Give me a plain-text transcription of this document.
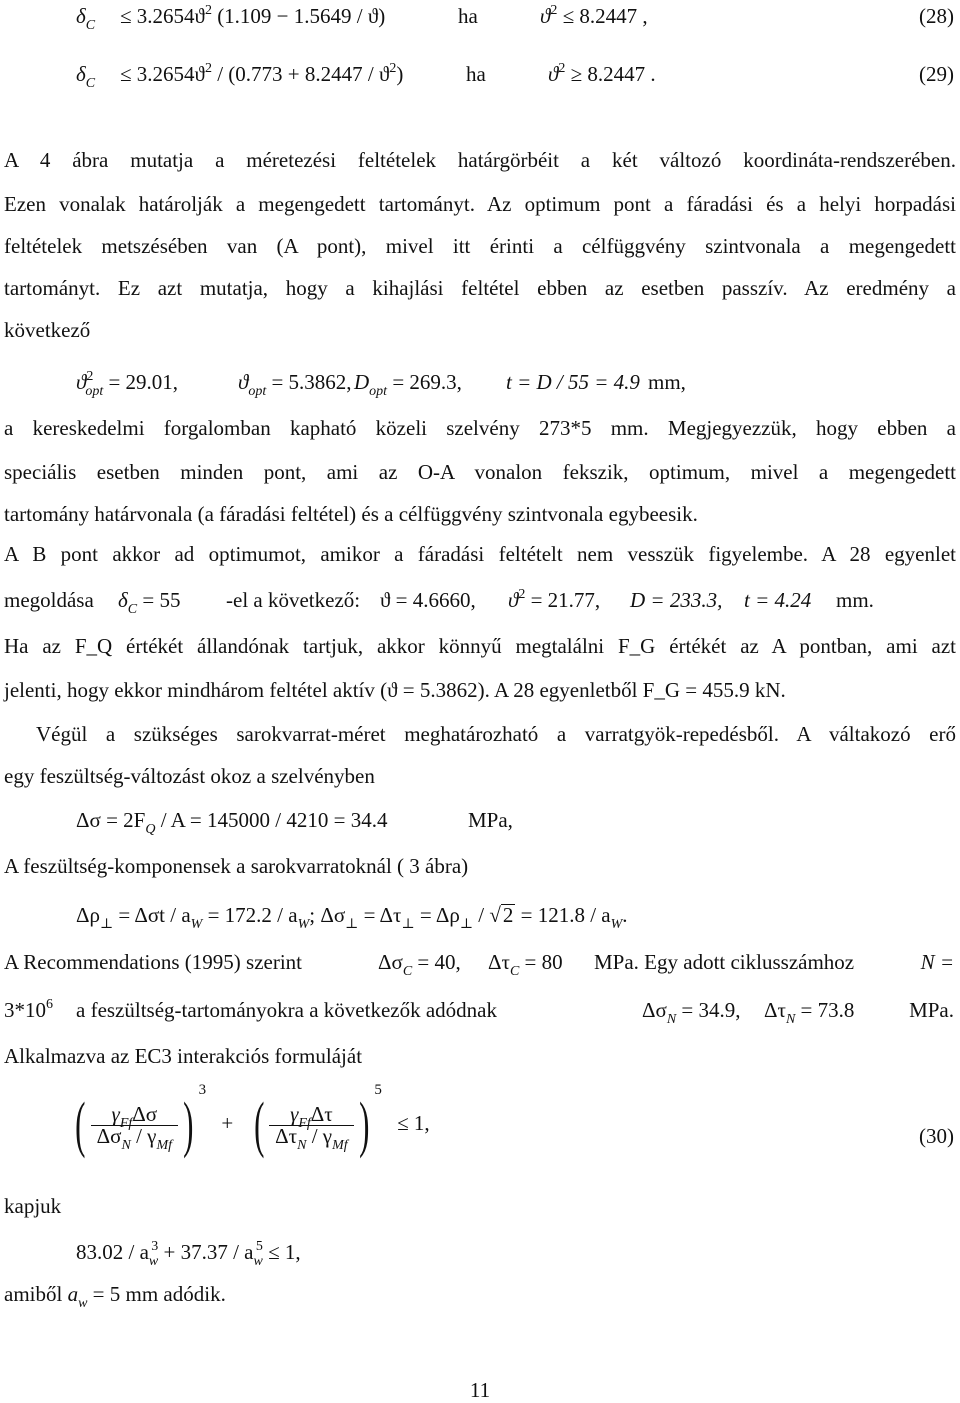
$\delta_C \le 3.2654ϑ^2$ (1.109 − 1.5649 / ϑ)	ha	$ϑ^2 \le 8.2447$ ,	(28)
$\delta_C \le 3.2654ϑ^2 / (0.773 + 8.2447 / ϑ^2)$	ha	$ϑ^2 \ge 8.2447$ .	(29)
A 4 ábra mutatja a méretezési feltételek határgörbéit a két változó koordináta-rendszerében.
Ezen vonalak határolják a megengedett tartományt. Az optimum pont a fáradási és a helyi horpadási
feltételek metszésében van (A pont), mivel itt érinti a célfüggvény szintvonala a megengedett
tartományt. Ez azt mutatja, hogy a kihajlási feltétel ebben az esetben passzív. Az eredmény a
következő
$ϑ^2_{opt} = 29.01$,	$ϑ_{opt} = 5.3862$, $D_{opt} = 269.3$, t = D / 55 = 4.9 mm,
a kereskedelmi forgalomban kapható közeli szelvény 273*5 mm. Megjegyezzük, hogy ebben a
speciális esetben minden pont, ami az O-A vonalon fekszik, optimum, mivel a megengedett
tartomány határvonala (a fáradási feltétel) és a célfüggvény szintvonala egybeesik.
A B pont akkor ad optimumot, amikor a fáradási feltételt nem vesszük figyelembe. A 28 egyenlet
megoldása $\delta_C = 55$ -el a következő: ϑ = 4.6660, $ϑ^2 = 21.77$, D = 233.3, t = 4.24 mm.
Ha az F_Q értékét állandónak tartjuk, akkor könnyű megtalálni F_G értékét az A pontban, ami azt
jelenti, hogy ekkor mindhárom feltétel aktív (ϑ = 5.3862). A 28 egyenletből F_G = 455.9 kN.
Végül a szükséges sarokvarrat-méret meghatározható a varratgyök-repedésből. A váltakozó erő
egy feszültség-változást okoz a szelvényben
$\Delta\sigma = 2F_Q / A = 145000 / 4210 = 34.4$	MPa,
A feszültség-komponensek a sarokvarratoknál ( 3 ábra)
$\Delta\rho_\perp = \Delta\sigma t / a_W = 172.2 / a_W$; $\Delta\sigma_\perp = \Delta\tau_\perp = \Delta\rho_\perp / √2 = 121.8 / a_W$.
A Recommendations (1995) szerint	$\Delta\sigma_C = 40$, $\Delta\tau_C = 80$ MPa. Egy adott ciklusszámhoz	N =
$3*10^6$ a feszültség-tartományokra a következők adódnak	$\Delta\sigma_N = 34.9$, $\Delta\tau_N = 73.8$	MPa.
Alkalmazva az EC3 interakciós formuláját
( $\frac{\gamma_{Ff}\Delta\sigma}{\Delta\sigma_N / \gamma_{Mf}} )^3$ + ( $\frac{\gamma_{Ff}\Delta\tau}{\Delta\tau_N / \gamma_{Mf}} )^5 \le 1$,
(30)
kapjuk
$83.02 / a_w^3 + 37.37 / a_w^5 \le 1$,
amiből $a_w = 5$ mm adódik.
11
